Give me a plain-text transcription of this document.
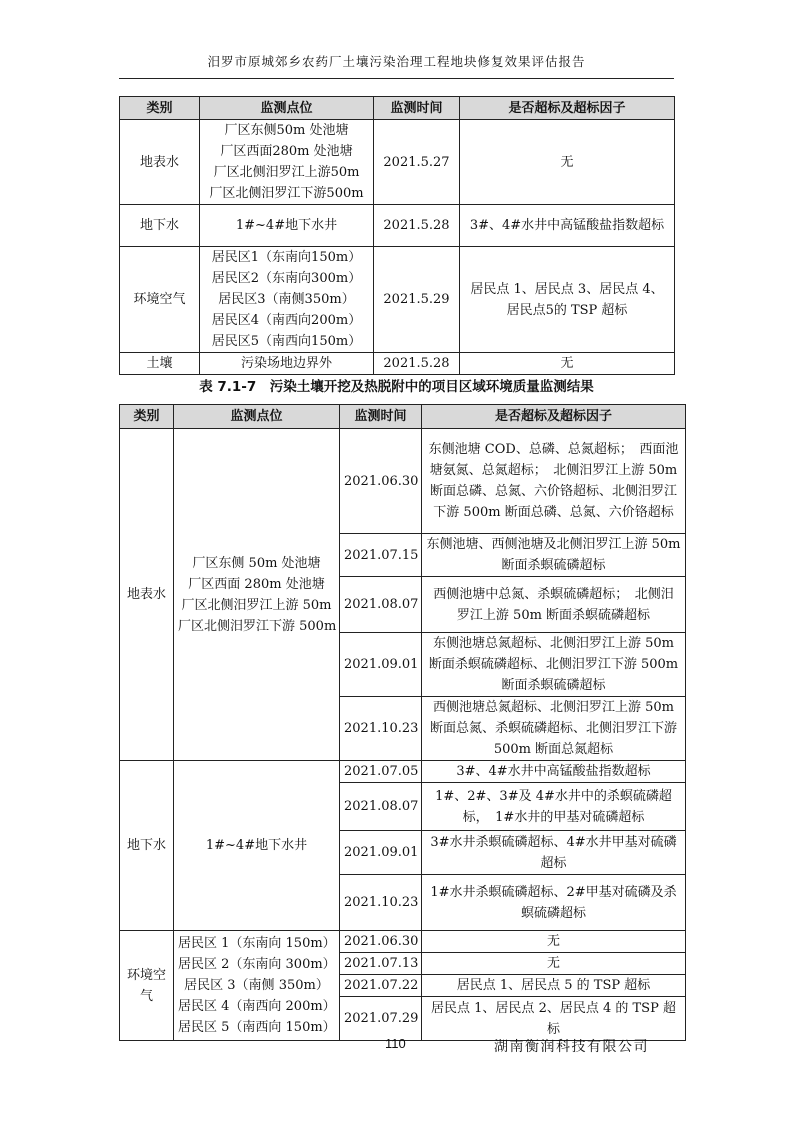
汨罗市原城郊乡农药厂土壤污染治理工程地块修复效果评估报告
类别	监测点位	监测时间	是否超标及超标因子
地表水	厂区东侧50m 处池塘
厂区西面280m 处池塘
厂区北侧汨罗江上游50m
厂区北侧汨罗江下游500m	2021.5.27	无
地下水	1#~4#地下水井	2021.5.28	3#、4#水井中高锰酸盐指数超标
环境空气	居民区1（东南向150m）
居民区2（东南向300m）
居民区3（南侧350m）
居民区4（南西向200m）
居民区5（南西向150m）	2021.5.29	居民点 1、居民点 3、居民点 4、居民点5的 TSP 超标
土壤	污染场地边界外	2021.5.28	无
表 7.1-7　污染土壤开挖及热脱附中的项目区域环境质量监测结果
类别	监测点位	监测时间	是否超标及超标因子
地表水	厂区东侧 50m 处池塘
厂区西面 280m 处池塘
厂区北侧汨罗江上游 50m
厂区北侧汨罗江下游 500m	2021.06.30	东侧池塘 COD、总磷、总氮超标；　西面池塘氨氮、总氮超标；　北侧汨罗江上游 50m 断面总磷、总氮、六价铬超标、北侧汨罗江下游 500m 断面总磷、总氮、六价铬超标
		2021.07.15	东侧池塘、西侧池塘及北侧汨罗江上游 50m 断面杀螟硫磷超标
		2021.08.07	西侧池塘中总氮、杀螟硫磷超标；　北侧汨 罗江上游 50m 断面杀螟硫磷超标
		2021.09.01	东侧池塘总氮超标、北侧汨罗江上游 50m 断面杀螟硫磷超标、北侧汨罗江下游 500m 断面杀螟硫磷超标
		2021.10.23	西侧池塘总氮超标、北侧汨罗江上游 50m 断面总氮、杀螟硫磷超标、北侧汨罗江下游 500m 断面总氮超标
地下水	1#~4#地下水井	2021.07.05	3#、4#水井中高锰酸盐指数超标
		2021.08.07	1#、2#、3#及 4#水井中的杀螟硫磷超标，　1#水井的甲基对硫磷超标
		2021.09.01	3#水井杀螟硫磷超标、4#水井甲基对硫磷超标
		2021.10.23	1#水井杀螟硫磷超标、2#甲基对硫磷及杀螟硫磷超标
环境空气	居民区 1（东南向 150m）
居民区 2（东南向 300m）
居民区 3（南侧 350m）
居民区 4（南西向 200m）
居民区 5（南西向 150m）	2021.06.30	无
		2021.07.13	无
		2021.07.22	居民点 1、居民点 5 的 TSP 超标
		2021.07.29	居民点 1、居民点 2、居民点 4 的 TSP 超标
110	湖南衡润科技有限公司
